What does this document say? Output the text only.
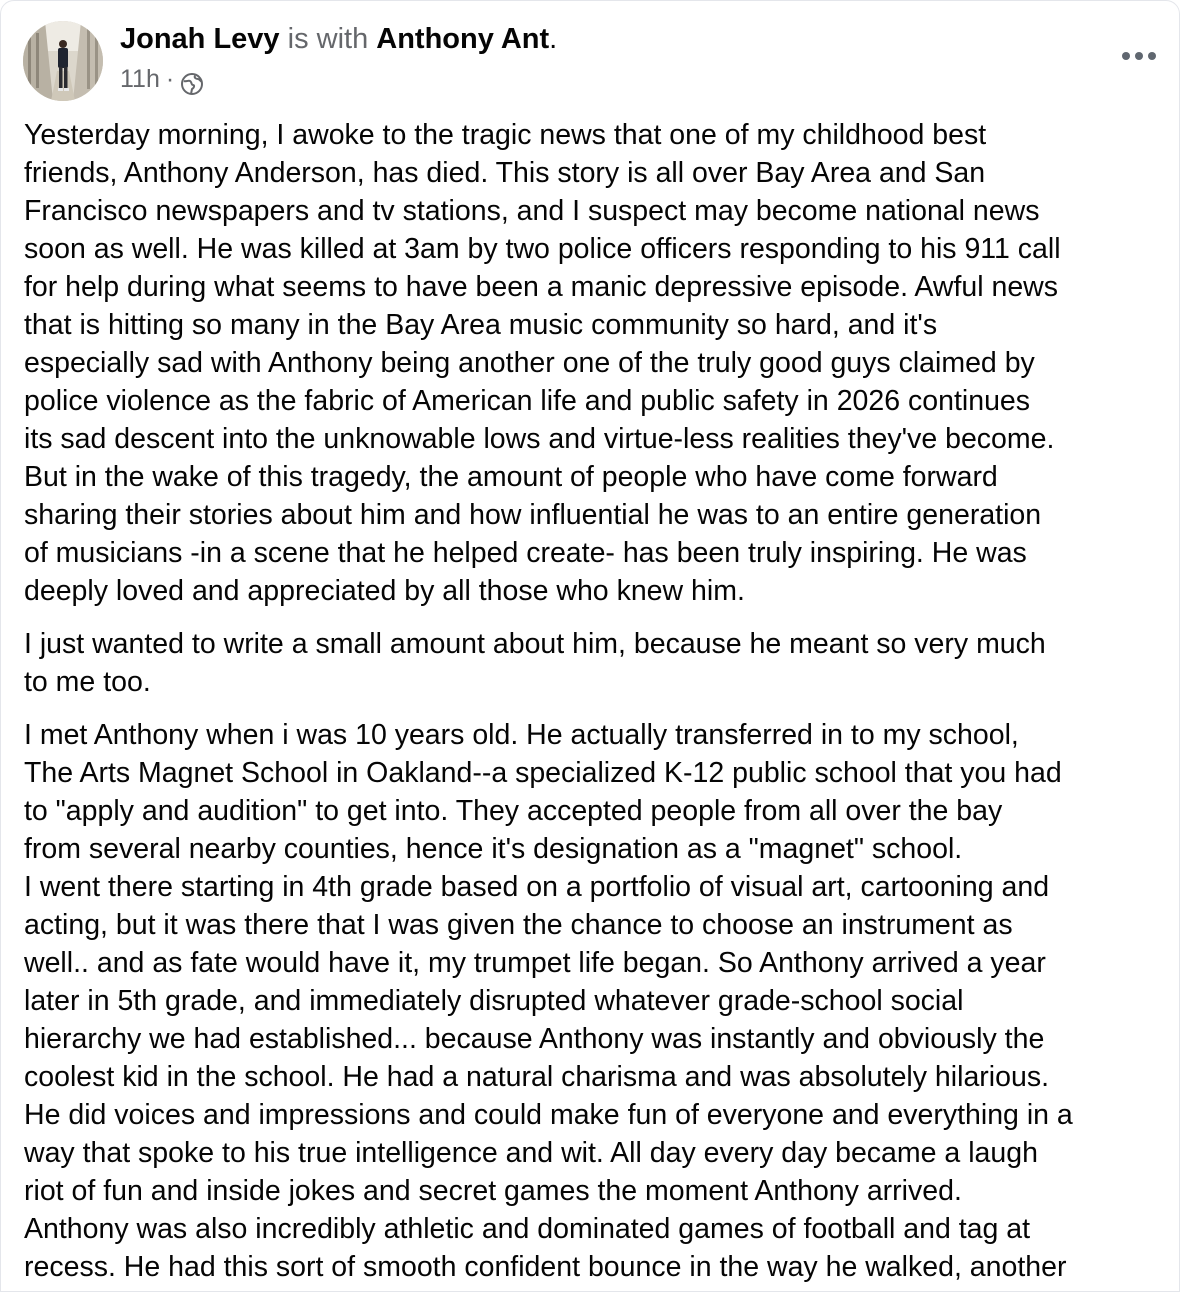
Jonah Levy is with Anthony Ant.
11h ·

Yesterday morning, I awoke to the tragic news that one of my childhood best
friends, Anthony Anderson, has died. This story is all over Bay Area and San
Francisco newspapers and tv stations, and I suspect may become national news
soon as well. He was killed at 3am by two police officers responding to his 911 call
for help during what seems to have been a manic depressive episode. Awful news
that is hitting so many in the Bay Area music community so hard, and it's
especially sad with Anthony being another one of the truly good guys claimed by
police violence as the fabric of American life and public safety in 2026 continues
its sad descent into the unknowable lows and virtue-less realities they've become.
But in the wake of this tragedy, the amount of people who have come forward
sharing their stories about him and how influential he was to an entire generation
of musicians -in a scene that he helped create- has been truly inspiring. He was
deeply loved and appreciated by all those who knew him.

I just wanted to write a small amount about him, because he meant so very much
to me too.

I met Anthony when i was 10 years old. He actually transferred in to my school,
The Arts Magnet School in Oakland--a specialized K-12 public school that you had
to "apply and audition" to get into. They accepted people from all over the bay
from several nearby counties, hence it's designation as a "magnet" school.
I went there starting in 4th grade based on a portfolio of visual art, cartooning and
acting, but it was there that I was given the chance to choose an instrument as
well.. and as fate would have it, my trumpet life began. So Anthony arrived a year
later in 5th grade, and immediately disrupted whatever grade-school social
hierarchy we had established... because Anthony was instantly and obviously the
coolest kid in the school. He had a natural charisma and was absolutely hilarious.
He did voices and impressions and could make fun of everyone and everything in a
way that spoke to his true intelligence and wit. All day every day became a laugh
riot of fun and inside jokes and secret games the moment Anthony arrived.
Anthony was also incredibly athletic and dominated games of football and tag at
recess. He had this sort of smooth confident bounce in the way he walked, another
